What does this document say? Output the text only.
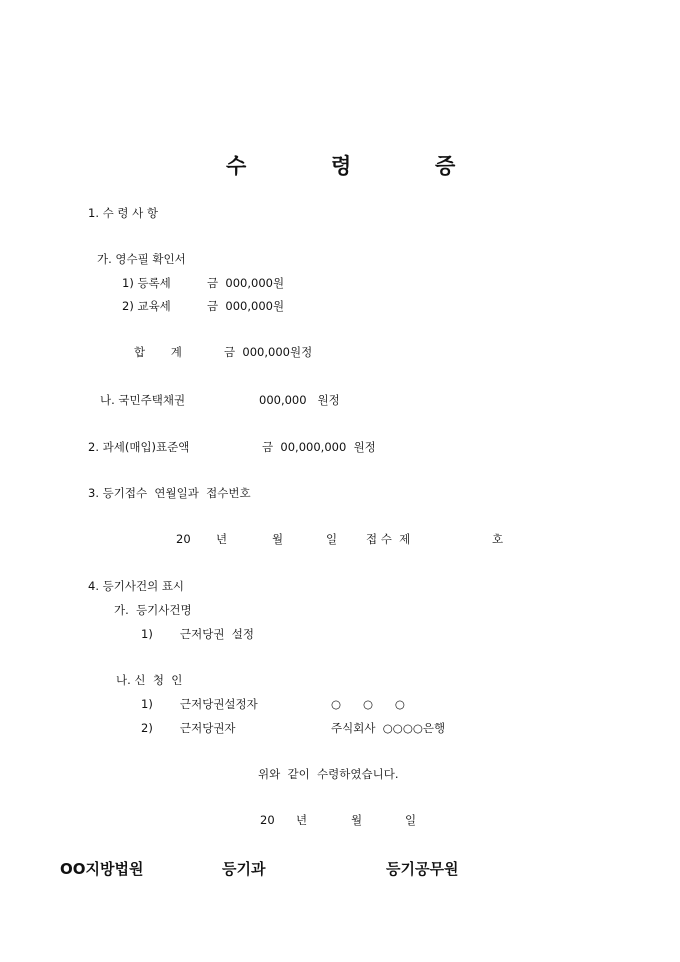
수	령	증
1. 수 령 사 항
가. 영수필 확인서
1) 등록세	금  000,000원
2) 교육세	금  000,000원
합       계	금  000,000원정
나. 국민주택채권	000,000   원정
2. 과세(매입)표준액	금  00,000,000  원정
3. 등기접수  연월일과  접수번호
20 년	월	일	접 수  제	호
4. 등기사건의 표시
가.  등기사건명
1) 근저당권  설정
나. 신  청  인
1) 근저당권설정자	○      ○      ○
2) 근저당권자	주식회사  ○○○○은행
위와  같이  수령하였습니다.
20 년	월	일
OO지방법원	등기과	등기공무원
